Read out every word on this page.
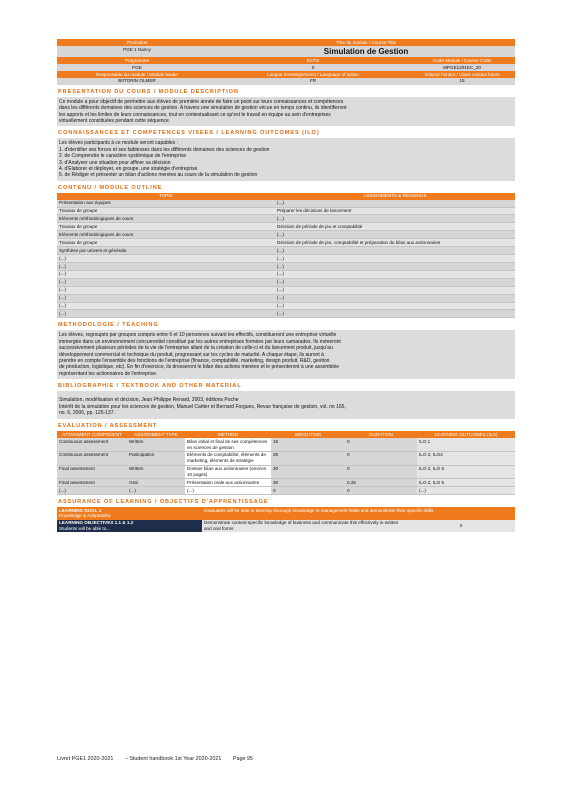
Promotion	Titre du module / Course Title	
PGE 1 Nancy	Simulation de Gestion	
Programme	ECTS	Code Module / Course Code
PGE	0	MPGE1201EC_20
Responsable du module / Module leader	Langue d'enseignement / Language of tuition	Volume horaire / Class contact hours
BIITORIN OLMER	FR	15
PRESENTATION DU COURS / MODULE DESCRIPTION
Ce module a pour objectif de permettre aux élèves de première année de faire un point sur leurs connaissances et compétences
dans les différents domaines des sciences de gestion. A travers une simulation de gestion vécue en temps continu, ils identifieront
les apports et les limites de leurs connaissances, tout en contextualisant ce qu'est le travail en équipe au sein d'entreprises
virtuellement constituées pendant cette séquence.
CONNAISSANCES ET COMPETENCES VISEES / LEARNING OUTCOMES (ILO)
Les élèves participants à ce module seront capables :
1. d'identifier ses forces et ses faiblesses dans les différents domaines des sciences de gestion
2. de Comprendre le caractère systémique de l'entreprise
3. d'Analyser une situation pour affiner sa décision
4. d'Elaborer et déployer, en groupe, une stratégie d'entreprise
5. de Rédiger et présenter un bilan d'actions menées au cours de la simulation de gestion
CONTENU / MODULE OUTLINE
TOPIC	ASSIGNMENTS & READINGS
Présentation aux équipes	(...)
Travaux de groupe	Préparer les décisions de lancement
Eléments méthodologiques de cours	(...)
Travaux de groupe	Décision de période de jeu et comptabilité
Eléments méthodologiques de cours	(...)
Travaux de groupe	Décision de période de jeu, comptabilité et préparation du bilan aux actionnaires
Synthèse par univers et générale	(...)
(...)	(...)
(...)	(...)
(...)	(...)
(...)	(...)
(...)	(...)
(...)	(...)
(...)	(...)
(...)	(...)
METHODOLOGIE / TEACHING
Les élèves, regroupés par groupes compris entre 6 et 10 personnes suivant les effectifs, constitueront une entreprise virtuelle
immergée dans un environnement concurrentiel constitué par les autres entreprises formées par leurs camarades. Ils mèneront
successivement plusieurs périodes de la vie de l'entreprise allant de la création de celle-ci et du lancement produit, jusqu'au
développement commercial et technique du produit, progressant sur les cycles de maturité. A chaque étape, ils auront à
prendre en compte l'ensemble des fonctions de l'entreprise (finance, comptabilité, marketing, design produit, R&D, gestion
de production, logistique, etc). En fin d'exercice, ils dresseront le bilan des actions menées et le présenteront à une assemblée
représentant les actionnaires de l'entreprise.
BIBLIOGRAPHIE / TEXTBOOK AND OTHER MATERIAL
Simulation, modélisation et décision, Jean Philippe Renard, 2003, éditions Poche
Intérêt de la simulation pour les sciences de gestion, Manuel Cartier et Bernard Forgues, Revue française de gestion, vol. no 165,
no. 6, 2006, pp. 125-137.
EVALUATION / ASSESSMENT
ATTAINMENT COMPONENT	ASSIGNMENT TYPE	METHOD	WEIGHTING	DURATION	LEARNING OUTCOMES (ILO)
Continuous assessment	Written	Bilan initial et final de ses compétences en sciences de gestion	15	0	ILO 1
Continuous assessment	Participation	Eléments de comptabilité, éléments de marketing, éléments de stratégie	25	0	ILO 3, ILO4
Final assessment	Written	Dossier bilan aux actionnaires (environ 10 pages)	30	0	ILO 2, ILO 5
Final assessment	Oral	Présentation orale aux actionnaires	30	0.25	ILO 2, ILO 5
(...)	(...)	(...)	0	0	(...)
ASSURANCE OF LEARNING / OBJECTIFS D'APPRENTISSAGE
LEARNING GOAL 1
Knowledge & Adaptability	Graduates will be able to develop thorough knowledge in management fields and demonstrate their specific skills.	

LEARNING OBJECTIVES 1.1 & 1.2
Students will be able to...	Demonstrate context-specific knowledge of business and communicate this effectively in written and oral forms	X
Livret PGE1 2020-2021 – Student handbook 1st Year 2020-2021 Page 95
